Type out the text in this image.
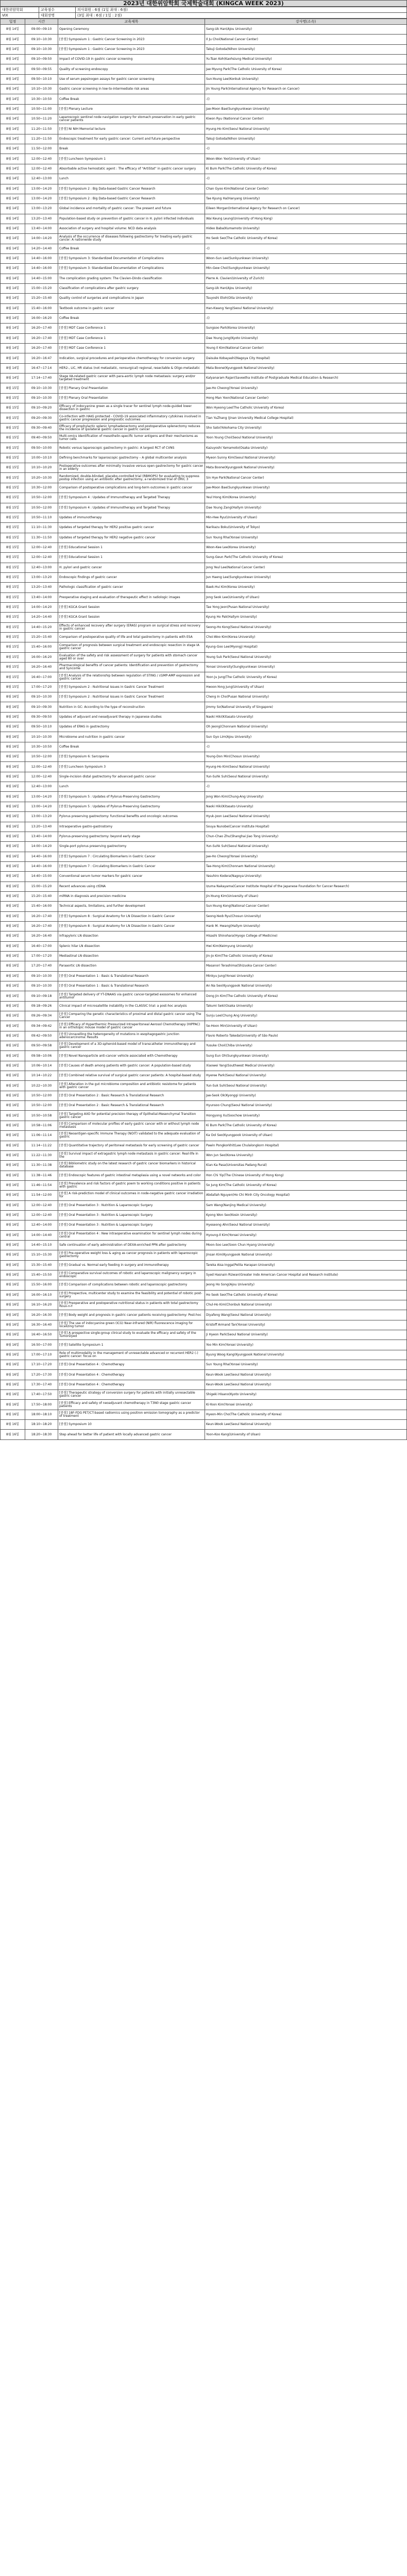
2023년 대한위암학회 국제학술대회 (KINGCA WEEK 2023)
대한위암학회	교육점수	의사회원 : 6점 (1일 최대 : 6점)
VIX	대회장명	(3일 최대 : 6점 / 1일 : 2점)
일정	시간	교육제목	강사명(소속)
8월 14일	09:00~09:10	Opening Ceremony	Sang-Uk Han(Ajou University)
8월 14일	09:10~10:30	[중점] Symposium 1 : Gastric Cancer Screening in 2023	Il Ju Choi(National Cancer Center)
8월 14일	09:10~10:30	[중점] Symposium 1 : Gastric Cancer Screening in 2023	Takuji Gotoda(Nihon University)
8월 14일	09:10~09:50	Impact of COVID-19 in gastric cancer screening	Yu-Tsan Koh(Kaohsiung Medical University)
8월 14일	09:50~09:55	Quality of screening endoscopy	Jae Myung Park(The Catholic University of Korea)
8월 14일	09:50~10:10	Use of serum pepsinogen assays for gastric cancer screening	Sun-Young Lee(Konkuk University)
8월 14일	10:10~10:30	Gastric cancer screening in low-to-intermediate risk areas	Jin Young Park(International Agency for Research on Cancer)
8월 14일	10:30~10:50	Coffee Break	-()
8월 14일	10:50~11:00	[중점] Plenary Lecture	Jae-Moon Bae(Sungkyunkwan University)
8월 14일	10:50~11:20	Laparoscopic sentinel node navigation surgery for stomach preservation in early gastric cancer patients	Kiwon Ryu (Nationnal Cancer Center)
8월 14일	11:20~11:50	[중점] NI NIH Memorial lecture	Hyung-Ho Kim(Seoul National University)
8월 14일	11:20~11:50	Endoscopic treatment for early gastric cancer: Current and future perspective	Takuji Gotoda(Nihon University)
8월 14일	11:50~12:00	Break	-()
8월 14일	12:00~12:40	[중점] Luncheon Symposium 1	Woon-Won Yoo(University of Ulsan)
8월 14일	12:00~12:40	Absorbable active hemostatic agent : The efficacy of "ArtiStat" in gastric cancer surgery	Ki Bum Park(The Catholic University of Korea)
8월 14일	12:40~13:00	Lunch	-()
8월 14일	13:00~14:20	[중점] Symposium 2 : Big Data-based Gastric Cancer Research	Chan Gyoo Kim(National Cancer Center)
8월 14일	13:00~14:20	[중점] Symposium 2 : Big Data-based Gastric Cancer Research	Tae Kyung Ha(Hanyang University)
8월 14일	13:00~13:20	Global incidence and mortality of gastric cancer: The present and future	Eileen Morgan(International Agency for Research on Cancer)
8월 14일	13:20~13:40	Population-based study on prevention of gastric cancer in H. pylori infected individuals	Wai Keung Leung(University of Hong Kong)
8월 14일	13:40~14:00	Association of surgery and hospital volume: NCD data analysis	Hideo Baba(Kumamoto University)
8월 14일	14:00~14:20	Analysis of the occurrence of diseases following gastrectomy for treating early gastric cancer: A nationwide study	Ho Seok Seo(The Catholic University of Korea)
8월 14일	14:20~14:40	Coffee Break	-()
8월 14일	14:40~16:00	[중점] Symposium 3: Standardized Documentation of Complications	Woon-Sun Lee(Sunkyunkwan University)
8월 14일	14:40~16:00	[중점] Symposium 3: Standardized Documentation of Complications	Min-Gew Choi(Sungkyunkwan University)
8월 14일	14:40~15:00	The complication grading system: The Clavien-Dindo classification	Pierre A. Clavien(University of Zurich)
8월 14일	15:00~15:20	Classification of complications after gastric surgery	Sang-Uk Han(Ajou University)
8월 14일	15:20~15:40	Quality control of surgeries and complications in Japan	Tsuyoshi Etoh(Oita University)
8월 14일	15:40~16:00	Textbook outcome in gastric cancer	Han-Kwang Yang(Seoul National University)
8월 14일	16:00~16:20	Coffee Break	-()
8월 14일	16:20~17:40	[중점] MDT Case Conference 1	Sungsoo Park(Korea University)
8월 14일	16:20~17:40	[중점] MDT Case Conference 1	Dae Young Jung(Kyoto University)
8월 14일	16:20~17:40	[중점] MDT Case Conference 1	Young Il Kim(National Cancer Center)
8월 14일	16:20~16:47	Indication, surgical procedures and perioperative chemotherapy for conversion surgery	Daisuke Kobayashi(Nagoya City Hospital)
8월 14일	16:47~17:14	HER2-, LIC, HR status (not metastatic, nonsurgical) regional, resectable & Oligo-metastatic	Mata Boone(Kyungpook National University)
8월 14일	17:14~17:40	Stage IIA-related gastric cancer with para-aortic lymph node metastasis: surgery and/or targeted treatment	Kalyanaram Rajan(Saveetha Institute of Postgraduate Medical Education & Research)
8월 15일	09:10~10:30	[중점] Plenary Oral Presentation	Jae-Ho Cheong(Yonsei University)
8월 15일	09:10~10:30	[중점] Plenary Oral Presentation	Hong Man Yoon(National Cancer Center)
8월 15일	09:10~09:20	Efficacy of indocyanine green as a single tracer for sentinel lymph node-guided lower dissection in gastric	Won Hyeong Lee(The Catholic University of Korea)
8월 15일	09:20~09:30	Co-infection with HAIG protected - COVID-19 associated inflammatory cytokines involved in gastric cancer progression and prognostic outcomes	Tian YuZhang (Jinan University Medical College Hospital)
8월 15일	09:30~09:40	Efficacy of prophylactic splenic lymphadenectomy and postoperative splenectomy reduces the incidence of ipsilateral gastric cancer in gastric cancer	Sho Sato(Yokohama City University)
8월 15일	09:40~09:50	Multi-omics identification of mesothelin-specific tumor antigens and their mechanisms as tumor cells	Yoon Young Choi(Seoul National University)
8월 15일	09:50~10:00	Robotic versus laparoscopic gastrectomy in gastric: A largest RCT of CVNS	Kazuyoshi Yamamoto(Osaka University)
8월 15일	10:00~10:10	Defining benchmarks for laparoscopic gastrectomy – A global multicenter analysis	Myeon Sunny Kim(Seoul National University)
8월 15일	10:10~10:20	Postoperative outcomes after minimally invasive versus open gastrectomy for gastric cancer in an elderly	Mata Boone(Kyungpook National University)
8월 15일	10:20~10:30	Randomized, double-blinded, placebo-controlled trial (RBMOPS) for evaluating to suppress postop infection using an antibiotic after gastrectomy, a randomized trial of ORIC 3	Sin Hye Park(National Cancer Center)
8월 15일	10:30~12:00	Comparison of postoperative complications and long-term outcomes in gastric cancer	Jae-Moon Bae(Sungkyunkwan University)
8월 15일	10:50~12:00	[중점] Symposium 4 : Updates of Immunotherapy and Targeted Therapy	Yeul Hong Kim(Korea University)
8월 15일	10:50~12:00	[중점] Symposium 4 : Updates of Immunotherapy and Targeted Therapy	Dae Young Zang(Hallym University)
8월 15일	10:50~11:10	Updates of immunotherapy	Min-Hee Ryu(University of Ulsan)
8월 15일	11:10~11:30	Updates of targeted therapy for HER2 positive gastric cancer	Narikazu Boku(University of Tokyo)
8월 15일	11:30~11:50	Updates of targeted therapy for HER2 negative gastric cancer	Sun Young Rha(Yonsei University)
8월 15일	12:00~12:40	[중점] Educational Session 1	Woon-Kee Lee(Korea University)
8월 15일	12:00~12:40	[중점] Educational Session 1	Sung-Geun Park(The Catholic University of Korea)
8월 15일	12:40~13:00	H. pylori and gastric cancer	Jong Yeul Lee(National Cancer Center)
8월 15일	13:00~13:20	Endoscopic findings of gastric cancer	Jun Haeng Lee(Sungkyunkwan University)
8월 15일	13:20~13:40	Pathologic classification of gastric cancer	Baek-Hui Kim(Korea University)
8월 15일	13:40~14:00	Preoperative staging and evaluation of therapeutic effect in radiologic images	Jong Seok Lee(University of Ulsan)
8월 15일	14:00~14:20	[중점] KGCA Grant Session	Tae Yong Jeon(Pusan National University)
8월 15일	14:20~14:40	[중점] KGCA Grant Session	Kyung Ho Pak(Hallym University)
8월 15일	14:40~15:20	Effects of enhanced recovery after surgery (ERAS) program on surgical stress and recovery in gastric cancer	Seong-Ho Kong(Seoul National University)
8월 15일	15:20~15:40	Comparison of postoperative quality of life and total gastrectomy in patients with ESA	Choi-Woo Kim(Korea University)
8월 15일	15:40~16:00	Comparison of prognosis between surgical treatment and endoscopic resection in stage IA gastric cancer	Kyung-Goo Lee(Myongji Hospital)
8월 15일	16:00~16:20	Evaluation of the safety and risk assessment of surgery for patients with stomach cancer aged 80 or over	Young Suk Park(Seoul National University)
8월 15일	16:20~16:40	Pharmacological benefits of cancer patients: Identification and prevention of gastrectomy and Syncome	Yonsei University(Sungkyunkwan University)
8월 15일	16:40~17:00	[중점] Analysis of the relationship between regulation of STING / cGMP-AMP expression and gastric cancer	Yoon Ju Jung(The Catholic University of Korea)
8월 15일	17:00~17:20	[중점] Symposium 2 : Nutritional issues in Gastric Cancer Treatment	Hwoon-Yong Jung(University of Ulsan)
8월 16일	09:10~10:30	[중점] Symposium 2 : Nutritional issues in Gastric Cancer Treatment	Cheng In Cho(Pusan National University)
8월 16일	09:10~09:30	Nutrition in GC: According to the type of reconstruction	Jimmy So(National University of Singapore)
8월 16일	09:30~09:50	Updates of adjuvant and neoadjuvant therapy in Japanese studies	Naoki Hiki(Kitasato University)
8월 16일	09:50~10:10	Updates of ERAS in gastrectomy	Oh Jeong(Chonnam National University)
8월 16일	10:10~10:30	Microbiome and nutrition in gastric cancer	Sun Gyo Lim(Ajou University)
8월 16일	10:30~10:50	Coffee Break	-()
8월 16일	10:50~12:00	[중점] Symposium 6: Sarcopenia	Young-Don Min(Chosun University)
8월 16일	12:00~12:40	[중점] Luncheon Symposium 3	Hyung-Ho Kim(Seoul National University)
8월 16일	12:00~12:40	Single-incision distal gastrectomy for advanced gastric cancer	Yun-Suhk Suh(Seoul National University)
8월 16일	12:40~13:00	Lunch	-()
8월 16일	13:00~14:20	[중점] Symposium 5 : Updates of Pylorus-Preserving Gastrectomy	Jong Won Kim(Chung-Ang University)
8월 16일	13:00~14:20	[중점] Symposium 5 : Updates of Pylorus-Preserving Gastrectomy	Naoki Hiki(Kitasato University)
8월 16일	13:00~13:20	Pylorus preserving gastrectomy: functional benefits and oncologic outcomes	Hyuk-Joon Lee(Seoul National University)
8월 16일	13:20~13:40	Intraoperative gastro-gastrostomy	Souya Nunobe(Cancer Institute Hospital)
8월 16일	13:40~14:00	Pylorus-preserving gastrectomy: beyond early stage	Chun-Chao Zhu(Shanghai Jiao Tong University)
8월 16일	14:00~14:20	Single-port pylorus preserving gastrectomy	Yun-Suhk Suh(Seoul National University)
8월 16일	14:40~16:00	[중점] Symposium 7 : Circulating Biomarkers in Gastric Cancer	Jae-Ho Cheong(Yonsei University)
8월 16일	14:40~16:00	[중점] Symposium 7 : Circulating Biomarkers in Gastric Cancer	Tae-Hong Kim(Chonnam National University)
8월 16일	14:40~15:00	Conventional serum tumor markers for gastric cancer	Yasuhiro Kodera(Nagoya University)
8월 16일	15:00~15:20	Recent advances using ctDNA	Izuma Nakayama(Cancer Institute Hospital of the Japanese Foundation for Cancer Research)
8월 16일	15:20~15:40	miRNA in diagnosis and precision medicine	Jin-Young Kim(University of Ulsan)
8월 16일	15:40~16:00	Technical aspects, limitations, and further development	Sun-Young Kong(National Cancer Center)
8월 16일	16:20~17:40	[중점] Symposium 8 : Surgical Anatomy for LN Dissection in Gastric Cancer	Seong-Yeob Ryu(Chosun University)
8월 16일	16:20~17:40	[중점] Symposium 8 : Surgical Anatomy for LN Dissection in Gastric Cancer	Hank M. Hwang(Hallym University)
8월 16일	16:20~16:40	Infrapyloric LN dissection	Hisashi Shinohara(Hyogo College of Medicine)
8월 16일	16:40~17:00	Splenic hilar LN dissection	Hwi Kim(Keimyung University)
8월 16일	17:00~17:20	Mediastinal LN dissection	Jin-Jo Kim(The Catholic University of Korea)
8월 16일	17:20~17:40	Paraaortic LN dissection	Masanori Terashima(Shizuoka Cancer Center)
8월 16일	09:10~10:30	[중점] Oral Presentation 1 : Basic & Translational Research	Minkyu Jung(Yonsei University)
8월 16일	09:10~10:30	[중점] Oral Presentation 1 : Basic & Translational Research	An Na Seo(Kyungpook National University)
8월 16일	09:10~09:18	[중점] Targeted delivery of YT-DNAAS via gastric cancer-targeted exosomes for enhanced antitumor	Dong Jin Kim(The Catholic University of Korea)
8월 16일	09:18~09:26	Clinical impact of microsatellite instability in the CLASSIC trial: a post-hoc analysis	Takumi Seki(Osaka University)
8월 16일	09:26~09:34	[중점] Comparing the genetic characteristics of proximal and distal gastric cancer using The Cancer	Sunju Lee(Chung Ang University)
8월 16일	09:34~09:42	[중점] Efficacy of Hyperthermic Pressurized Intraperitoneal Aerosol Chemotherapy (HIPPAC) in an orthotopic mouse model of gastric cancer	Se-Hoon Min(University of Ulsan)
8월 16일	09:42~09:50	[중점] Unravelling the heterogeneity of mutations in esophagogastric junction adenocarcinoma: Results	Flavio Roberto Takeda(University of São Paulo)
8월 16일	09:50~09:58	[중점] Development of a 3D-spheroid-based model of transcatheter immunotherapy and gastric cancer	Yusuke Choi(Chiba University)
8월 16일	09:58~10:06	[중점] Novel Nanoparticle anti-cancer vehicle associated with Chemotherapy	Sung Eun Oh(Sungkyunkwan University)
8월 16일	10:06~10:14	[중점] Causes of death among patients with gastric cancer: A population-based study	Xiaowei Yang(Southwest Medical University)
8월 16일	10:14~10:22	[중점] Combined relative survival of surgical gastric cancer patients: A hospital-based study	Hyeree Park(Seoul National University)
8월 16일	10:22~10:30	[중점] Alteration in the gut microbiome composition and antibiotic resistome for patients with gastric cancer	Yun-Suk Suh(Seoul National University)
8월 16일	10:50~12:00	[중점] Oral Presentation 2 : Basic Research & Translational Research	Jae-Seok Ok(Kyonggi University)
8월 16일	10:50~12:00	[중점] Oral Presentation 2 : Basic Research & Translational Research	Hyunsoo Chung(Seoul National University)
8월 16일	10:50~10:58	[중점] Targeting AXO for potential precision therapy of Epithelial-Mesenchymal Transition gastric cancer	Hongyong Xu(Soochow University)
8월 16일	10:58~11:06	[중점] Comparison of molecular profiles of early gastric cancer with or without lymph node metastasis	Ki Bum Park(The Catholic University of Korea)
8월 16일	11:06~11:14	[중점] Neoantigen-specific Immune Therapy (NOIT) validated to the adequate evaluation of gastric	Ka Ool Seo(Kyungpook University of Ulsan)
8월 16일	11:14~11:22	[중점] Quantitative trajectory of peritoneal metastasis for early screening of gastric cancer	Pawin Pongkorkhit(Lee Chulalongkorn Hospital)
8월 16일	11:22~11:30	[중점] Survival impact of extragastric lymph node metastasis in gastric cancer: Real-life in the	Won Jun Seo(Korea University)
8월 16일	11:30~11:38	[중점] Bibliometric study on the latest research of gastric cancer biomarkers in historical database	Kian Ka Pasa(Universitas Padang Rural)
8월 16일	11:38~11:46	[중점] Endoscopic features of gastric intestinal metaplasia using a novel networks and color	Hon Chi Yip(The Chinese University of Hong Kong)
8월 16일	11:46~11:54	[중점] Prevalence and risk factors of gastric poem to working conditions positive in patients with gastric	So Jung Kim(The Catholic University of Korea)
8월 16일	11:54~12:00	[중점] A risk-prediction model of clinical outcomes in node-negative gastric cancer irradiation for	Abdallah Nguyen(Ho Chi Minh City Oncology Hospital)
8월 16일	12:00~12:40	[중점] Oral Presentation 3 : Nutrition & Laparoscopic Surgery	Sam Wang(Nanjing Medical University)
8월 16일	12:00~12:40	[중점] Oral Presentation 3 : Nutrition & Laparoscopic Surgery	Kyong Won Seo(Kosin University)
8월 16일	12:40~14:00	[중점] Oral Presentation 3 : Nutrition & Laparoscopic Surgery	Hyeseong Ahn(Seoul National University)
8월 16일	14:00~14:40	[중점] Oral Presentation 4 : New intraoperative examination for sentinel lymph nodes during central	Hyoung-Il Kim(Yonsei University)
8월 16일	14:40~15:10	Safe continuation of early administration of DEXA-enriched PPN after gastrectomy	Moon-Soo Lee(Soon Chun Hyang University)
8월 16일	15:10~15:30	[중점] Pre-operative weight loss & aging as cancer prognosis in patients with laparoscopic gastrectomy	Jinsan Kim(Kyungpook National University)
8월 16일	15:30~15:40	[중점] Gradual vs. Normal early feeding in surgery and immunotherapy	Tareka Aisa Ingga(Pelita Harapan University)
8월 16일	15:40~15:50	[중점] Comparative survival outcomes of robotic and laparoscopic malignancy surgery in endoscopic	Syed Hasnain Rizwan(Greater Indo American Cancer Hospital and Research Institute)
8월 16일	15:50~16:00	[중점] Comparison of complications between robotic and laparoscopic gastrectomy	Jeong Ho Song(Ajou University)
8월 16일	16:00~16:10	[중점] Prospective, multicenter study to examine the feasibility and potential of robotic post-surgery	Ho Seok Seo(The Catholic University of Korea)
8월 16일	16:10~16:20	[중점] Preoperative and postoperative nutritional status in patients with total gastrectomy Roux-n-Y	Chul-Ho Kim(Chonbuk National University)
8월 16일	16:20~16:30	[중점] Body weight and prognosis in gastric cancer patients receiving gastrectomy: Post-hoc	Diyafeng Wang(Seoul National University)
8월 16일	16:30~16:40	[중점] The use of indocyanine green (ICG) Near-infrared (NIR) fluorescence imaging for localizing tumor	Kristoff Armand Tan(Yonsei University)
8월 16일	16:40~16:50	[중점] A prospective single-group clinical study to evaluate the efficacy and safety of the TumorDyed	Ji Hyeon Park(Seoul National University)
8월 16일	16:50~17:00	[중점] Satellite Symposium 1	Yoo Min Kim(Yonsei University)
8월 16일	17:00~17:10	Role of multimodality in the management of unresectable advanced or recurrent HER2 (-) gastric cancer: focus on	Byung Woog Kang(Kyungpook National University)
8월 16일	17:10~17:20	[중점] Oral Presentation 4 : Chemotherapy	Sun Young Rha(Yonsei University)
8월 16일	17:20~17:30	[중점] Oral Presentation 4 : Chemotherapy	Keun-Wook Lee(Seoul National University)
8월 16일	17:30~17:40	[중점] Oral Presentation 4 : Chemotherapy	Keun-Wook Lee(Seoul National University)
8월 16일	17:40~17:50	[중점] Therapeutic strategy of conversion surgery for patients with initially unresectable gastric cancer	Shigeki Hisano(Kyoto University)
8월 16일	17:50~18:00	[중점] Efficacy and safety of neoadjuvant chemotherapy in T3N0 stage gastric cancer patients	Ki-Yoon Kim(Yonsei University)
8월 16일	18:00~18:10	[중점] 18F-FDG PET/CT-based radiomics using positron emission tomography as a predictor of treatment	Hyeon-Min Cho(The Catholic University of Korea)
8월 16일	18:10~18:20	[중점] Symposium 10	Keun-Wook Lee(Seoul National University)
8월 16일	18:20~18:30	Step ahead for better life of patient with locally advanced gastric cancer	Yoon-Koo Kang(University of Ulsan)
